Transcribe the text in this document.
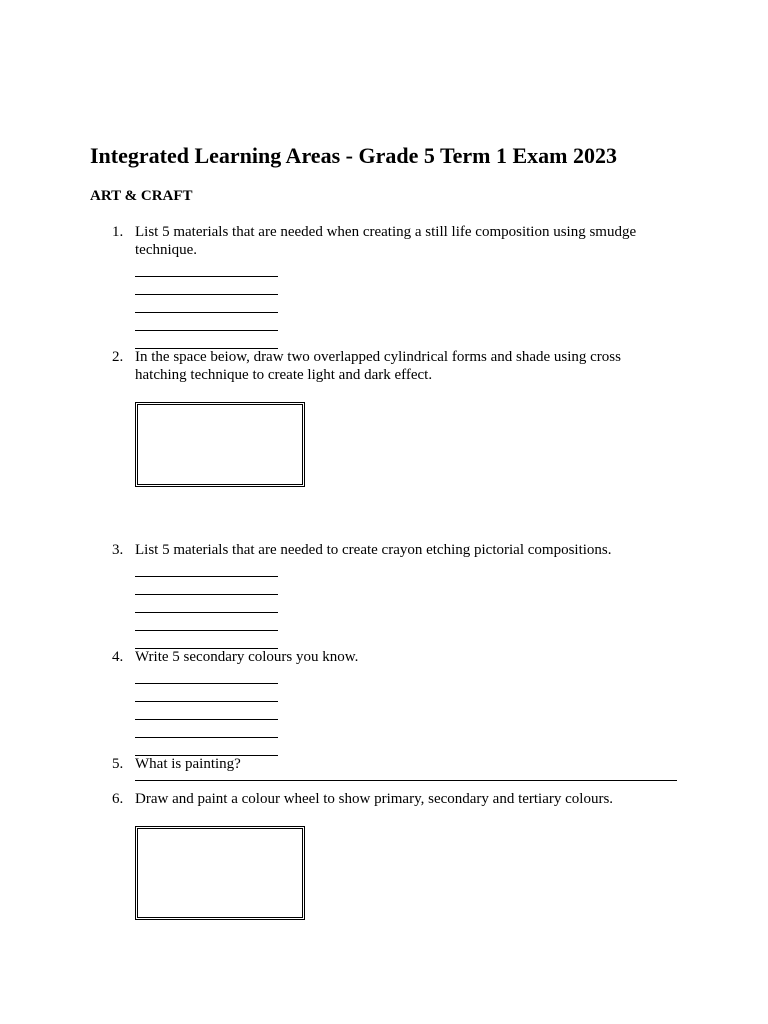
Integrated Learning Areas - Grade 5 Term 1 Exam 2023
ART & CRAFT
1. List 5 materials that are needed when creating a still life composition using smudge technique.
2. In the space beiow, draw two overlapped cylindrical forms and shade using cross hatching technique to create light and dark effect.
3. List 5 materials that are needed to create crayon etching pictorial compositions.
4. Write 5 secondary colours you know.
5. What is painting?
6. Draw and paint a colour wheel to show primary, secondary and tertiary colours.
